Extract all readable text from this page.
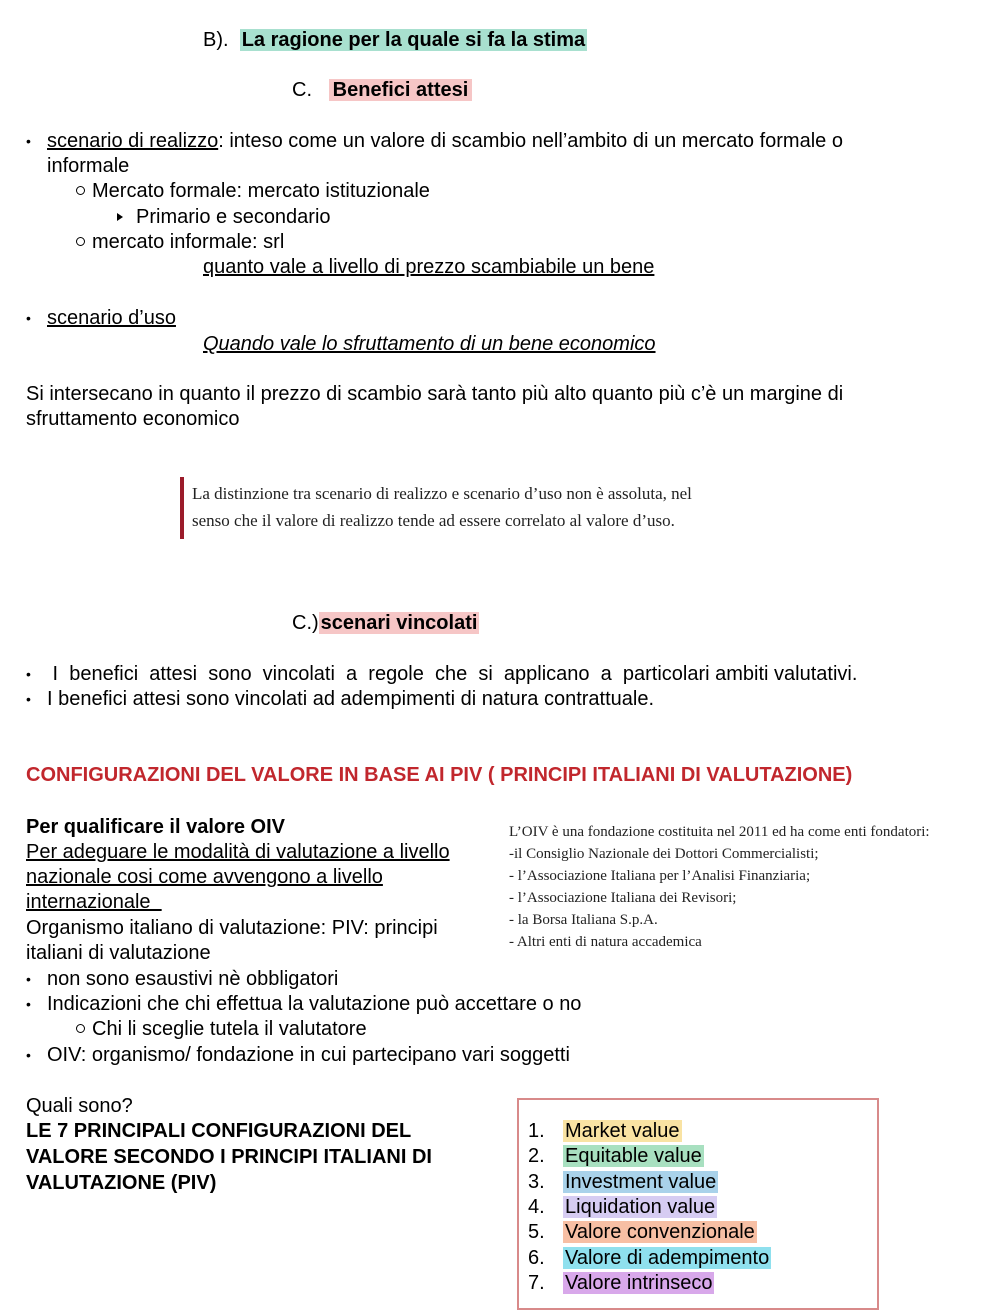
B). La ragione per la quale si fa la stima
C. Benefici attesi
• scenario di realizzo: inteso come un valore di scambio nell’ambito di un mercato formale o
informale
Mercato formale: mercato istituzionale
Primario e secondario
mercato informale: srl
quanto vale a livello di prezzo scambiabile un bene
• scenario d’uso
Quando vale lo sfruttamento di un bene economico
Si intersecano in quanto il prezzo di scambio sarà tanto più alto quanto più c’è un margine di
sfruttamento economico
La distinzione tra scenario di realizzo e scenario d’uso non è assoluta, nel
senso che il valore di realizzo tende ad essere correlato al valore d’uso.
C.) scenari vincolati
• I  benefici  attesi  sono  vincolati  a  regole  che  si  applicano  a  particolari ambiti valutativi.
• I benefici attesi sono vincolati ad adempimenti di natura contrattuale.
CONFIGURAZIONI DEL VALORE IN BASE AI PIV ( PRINCIPI ITALIANI DI VALUTAZIONE)
Per qualificare il valore OIV
Per adeguare le modalità di valutazione a livello
nazionale cosi come avvengono a livello
internazionale
Organismo italiano di valutazione: PIV: principi
italiani di valutazione
• non sono esaustivi nè obbligatori
• Indicazioni che chi effettua la valutazione può accettare o no
Chi li sceglie tutela il valutatore
• OIV: organismo/ fondazione in cui partecipano vari soggetti
L’OIV è una fondazione costituita nel 2011 ed ha come enti fondatori:
-il Consiglio Nazionale dei Dottori Commercialisti;
- l’Associazione Italiana per l’Analisi Finanziaria;
- l’Associazione Italiana dei Revisori;
- la Borsa Italiana S.p.A.
- Altri enti di natura accademica
Quali sono?
LE 7 PRINCIPALI CONFIGURAZIONI DEL
VALORE SECONDO I PRINCIPI ITALIANI DI
VALUTAZIONE (PIV)
1. Market value
2. Equitable value
3. Investment value
4. Liquidation value
5. Valore convenzionale
6. Valore di adempimento
7. Valore intrinseco
